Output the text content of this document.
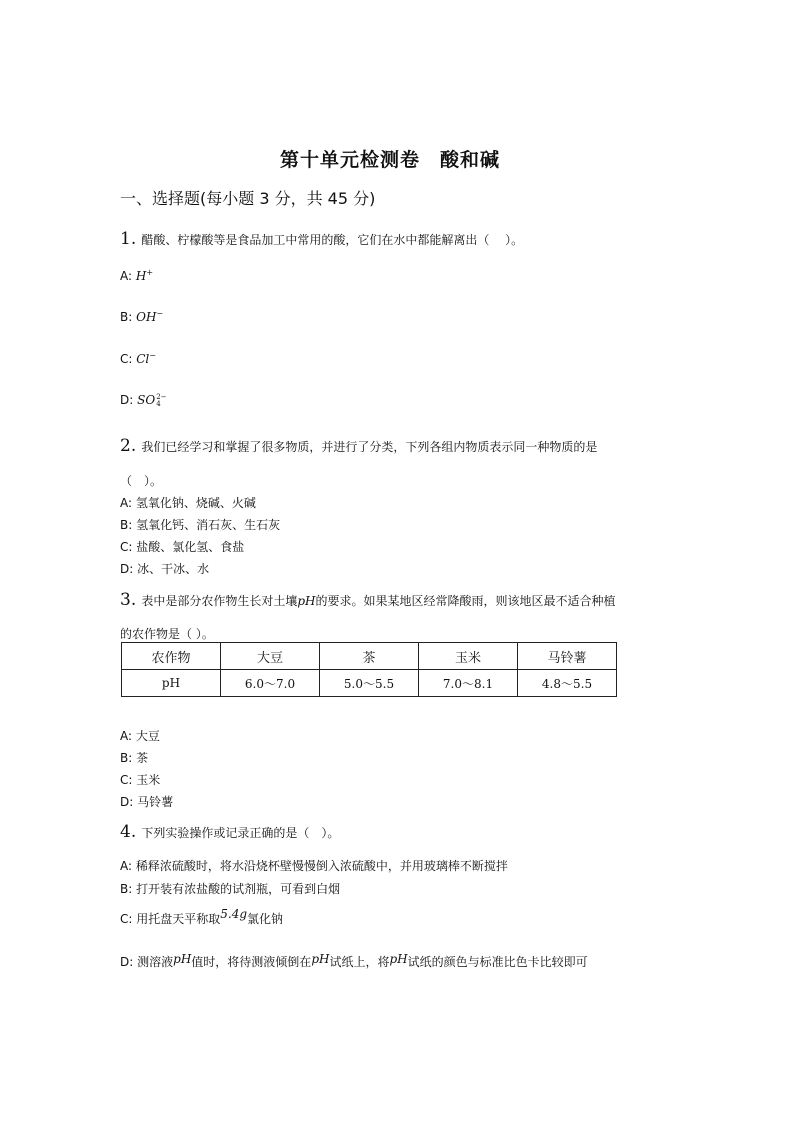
第十单元检测卷　酸和碱
一、选择题(每小题 3 分，共 45 分)
1. 醋酸、柠檬酸等是食品加工中常用的酸，它们在水中都能解离出（　 ）。
A: H+
B: OH−
C: Cl−
D: SO 2−
4
2. 我们已经学习和掌握了很多物质，并进行了分类，下列各组内物质表示同一种物质的是
（　）。
A: 氢氧化钠、烧碱、火碱
B: 氢氧化钙、消石灰、生石灰
C: 盐酸、氯化氢、食盐
D: 冰、干冰、水
3. 表中是部分农作物生长对土壤pH的要求。如果某地区经常降酸雨，则该地区最不适合种植
的农作物是（ ）。
农作物	大豆	茶	玉米	马铃薯
pH	6.0～7.0	5.0～5.5	7.0～8.1	4.8～5.5
A: 大豆
B: 茶
C: 玉米
D: 马铃薯
4. 下列实验操作或记录正确的是（　）。
A: 稀释浓硫酸时，将水沿烧杯壁慢慢倒入浓硫酸中，并用玻璃棒不断搅拌
B: 打开装有浓盐酸的试剂瓶，可看到白烟
C: 用托盘天平称取5.4g氯化钠
D: 测溶液pH值时，将待测液倾倒在pH试纸上，将pH试纸的颜色与标准比色卡比较即可
